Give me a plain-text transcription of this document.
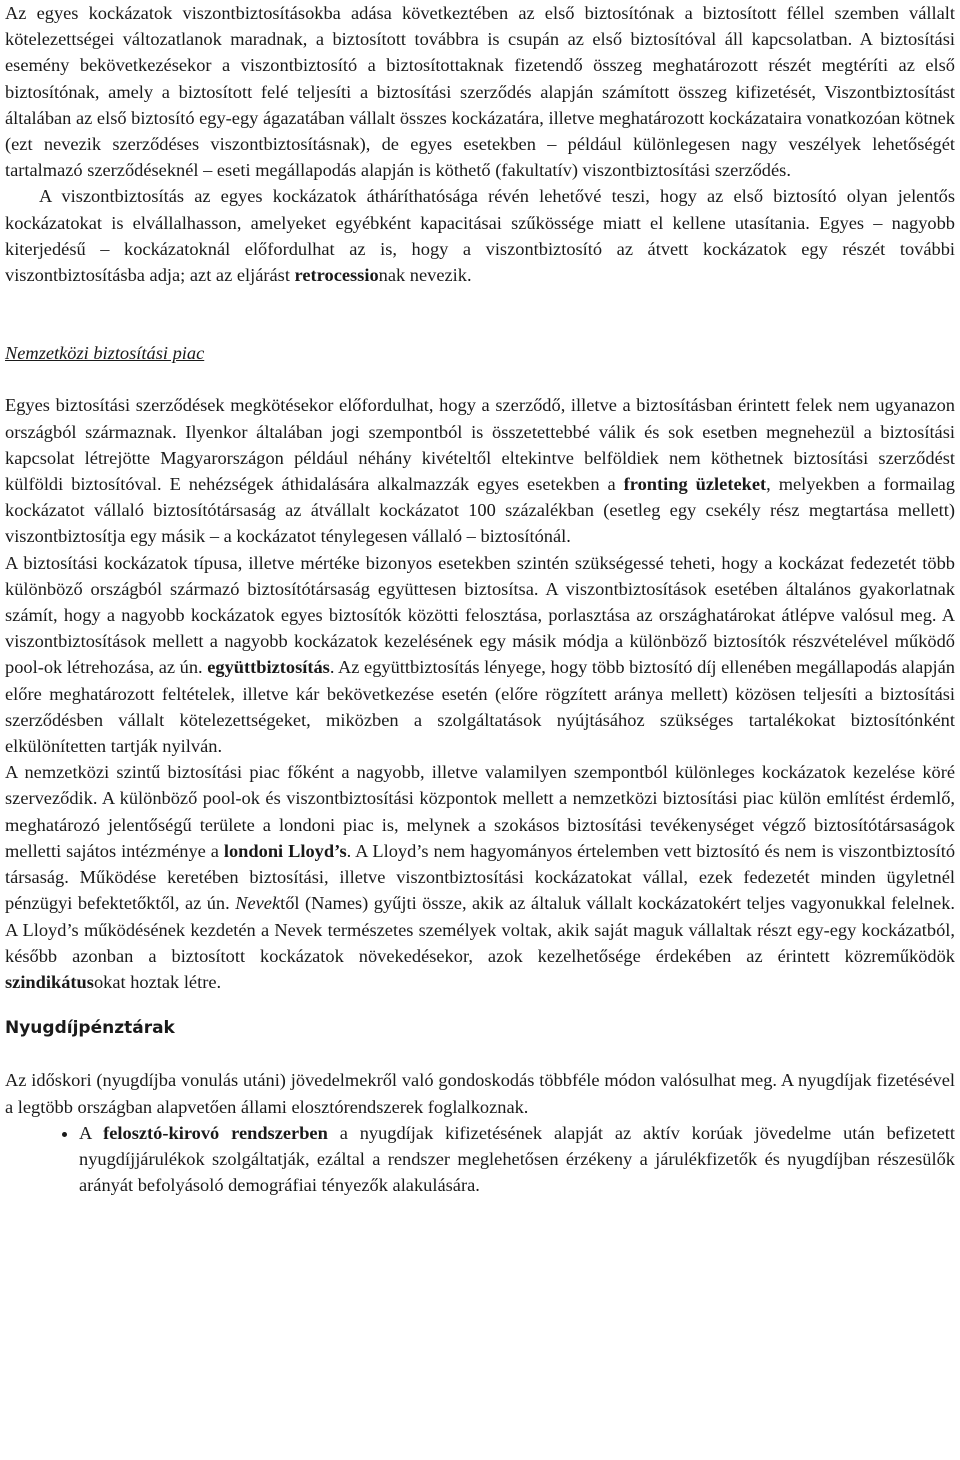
Az egyes kockázatok viszontbiztosításokba adása következtében az első biztosítónak a biztosított féllel szemben vállalt kötelezettségei változatlanok maradnak, a biztosított továbbra is csupán az első biztosítóval áll kapcsolatban. A biztosítási esemény bekövetkezésekor a viszontbiztosító a biztosítottaknak fizetendő összeg meghatározott részét megtéríti az első biztosítónak, amely a biztosított felé teljesíti a biztosítási szerződés alapján számított összeg kifizetését, Viszontbiztosítást általában az első biztosító egy-egy ágazatában vállalt összes kockázatára, illetve meghatározott kockázataira vonatkozóan kötnek (ezt nevezik szerződéses viszontbiztosításnak), de egyes esetekben – például különlegesen nagy veszélyek lehetőségét tartalmazó szerződéseknél – eseti megállapodás alapján is köthető (fakultatív) viszontbiztosítási szerződés.

A viszontbiztosítás az egyes kockázatok átháríthatósága révén lehetővé teszi, hogy az első biztosító olyan jelentős kockázatokat is elvállalhasson, amelyeket egyébként kapacitásai szűkössége miatt el kellene utasítania. Egyes – nagyobb kiterjedésű – kockázatoknál előfordulhat az is, hogy a viszontbiztosító az átvett kockázatok egy részét további viszontbiztosításba adja; azt az eljárást retrocessionak nevezik.

Nemzetközi biztosítási piac

Egyes biztosítási szerződések megkötésekor előfordulhat, hogy a szerződő, illetve a biztosításban érintett felek nem ugyanazon országból származnak. Ilyenkor általában jogi szempontból is összetettebbé válik és sok esetben megnehezül a biztosítási kapcsolat létrejötte Magyarországon például néhány kivételtől eltekintve belföldiek nem köthetnek biztosítási szerződést külföldi biztosítóval. E nehézségek áthidalására alkalmazzák egyes esetekben a fronting üzleteket, melyekben a formailag kockázatot vállaló biztosítótársaság az átvállalt kockázatot 100 százalékban (esetleg egy csekély rész megtartása mellett) viszontbiztosítja egy másik – a kockázatot ténylegesen vállaló – biztosítónál.

A biztosítási kockázatok típusa, illetve mértéke bizonyos esetekben szintén szükségessé teheti, hogy a kockázat fedezetét több különböző országból származó biztosítótársaság együttesen biztosítsa. A viszontbiztosítások esetében általános gyakorlatnak számít, hogy a nagyobb kockázatok egyes biztosítók közötti felosztása, porlasztása az országhatárokat átlépve valósul meg. A viszontbiztosítások mellett a nagyobb kockázatok kezelésének egy másik módja a különböző biztosítók részvételével működő pool-ok létrehozása, az ún. együttbiztosítás. Az együttbiztosítás lényege, hogy több biztosító díj ellenében megállapodás alapján előre meghatározott feltételek, illetve kár bekövetkezése esetén (előre rögzített aránya mellett) közösen teljesíti a biztosítási szerződésben vállalt kötelezettségeket, miközben a szolgáltatások nyújtásához szükséges tartalékokat biztosítónként elkülönítetten tartják nyilván.

A nemzetközi szintű biztosítási piac főként a nagyobb, illetve valamilyen szempontból különleges kockázatok kezelése köré szerveződik. A különböző pool-ok és viszontbiztosítási központok mellett a nemzetközi biztosítási piac külön említést érdemlő, meghatározó jelentőségű területe a londoni piac is, melynek a szokásos biztosítási tevékenységet végző biztosítótársaságok melletti sajátos intézménye a londoni Lloyd’s. A Lloyd’s nem hagyományos értelemben vett biztosító és nem is viszontbiztosító társaság. Működése keretében biztosítási, illetve viszontbiztosítási kockázatokat vállal, ezek fedezetét minden ügyletnél pénzügyi befektetőktől, az ún. Nevektől (Names) gyűjti össze, akik az általuk vállalt kockázatokért teljes vagyonukkal felelnek. A Lloyd’s működésének kezdetén a Nevek természetes személyek voltak, akik saját maguk vállaltak részt egy-egy kockázatból, később azonban a biztosított kockázatok növekedésekor, azok kezelhetősége érdekében az érintett közreműködök szindikátusokat hoztak létre.

Nyugdíjpénztárak

Az időskori (nyugdíjba vonulás utáni) jövedelmekről való gondoskodás többféle módon valósulhat meg. A nyugdíjak fizetésével a legtöbb országban alapvetően állami elosztórendszerek foglalkoznak.

• A felosztó-kirovó rendszerben a nyugdíjak kifizetésének alapját az aktív korúak jövedelme után befizetett nyugdíjjárulékok szolgáltatják, ezáltal a rendszer meglehetősen érzékeny a járulékfizetők és nyugdíjban részesülők arányát befolyásoló demográfiai tényezők alakulására.
